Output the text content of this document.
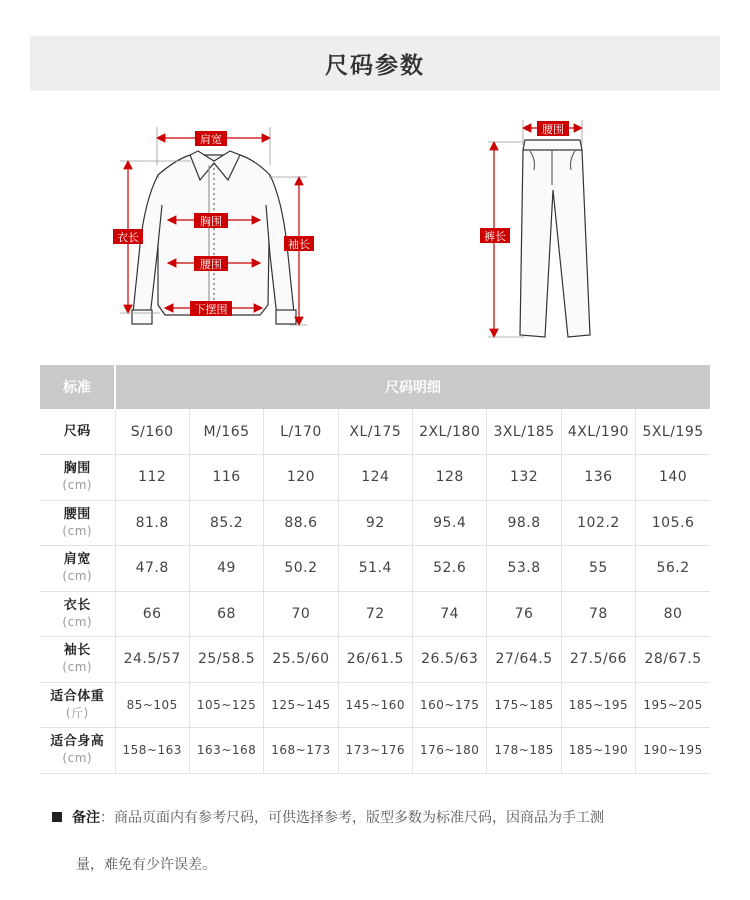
尺码参数
肩宽
胸围
腰围
下摆围
衣长
袖长
腰围
裤长
标准	尺码明细							
尺码	S/160	M/165	L/170	XL/175	2XL/180	3XL/185	4XL/190	5XL/195
胸围
(cm)	112	116	120	124	128	132	136	140
腰围
(cm)	81.8	85.2	88.6	92	95.4	98.8	102.2	105.6
肩宽
(cm)	47.8	49	50.2	51.4	52.6	53.8	55	56.2
衣长
(cm)	66	68	70	72	74	76	78	80
袖长
(cm)	24.5/57	25/58.5	25.5/60	26/61.5	26.5/63	27/64.5	27.5/66	28/67.5
适合体重
(斤)	85~105	105~125	125~145	145~160	160~175	175~185	185~195	195~205
适合身高
(cm)	158~163	163~168	168~173	173~176	176~180	178~185	185~190	190~195
备注：商品页面内有参考尺码，可供选择参考，版型多数为标准尺码，因商品为手工测
量，难免有少许误差。
